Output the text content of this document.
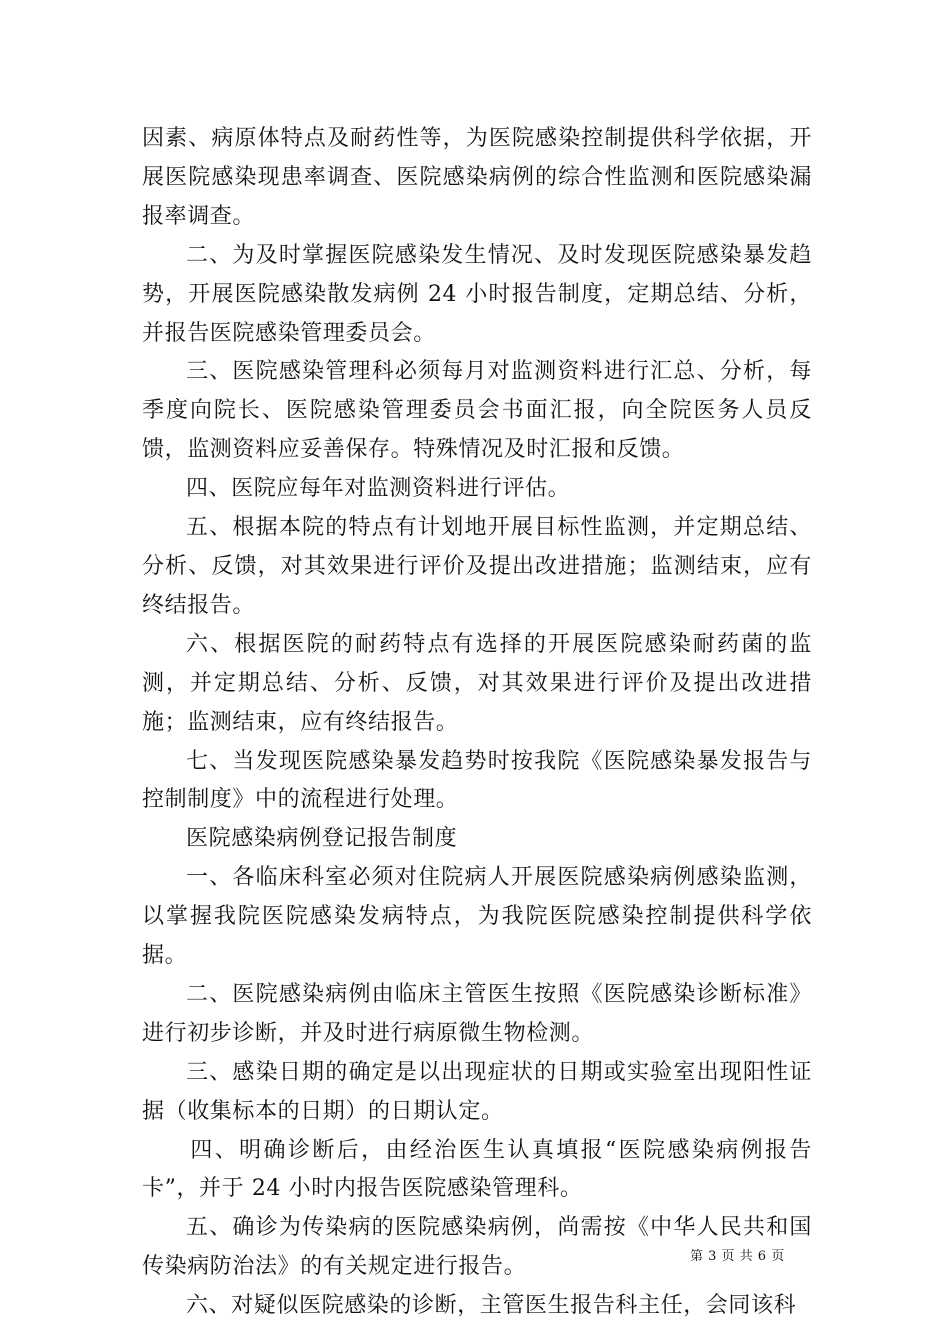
因素、病原体特点及耐药性等，为医院感染控制提供科学依据，开展医院感染现患率调查、医院感染病例的综合性监测和医院感染漏报率调查。

二、为及时掌握医院感染发生情况、及时发现医院感染暴发趋势，开展医院感染散发病例 24 小时报告制度，定期总结、分析，并报告医院感染管理委员会。

三、医院感染管理科必须每月对监测资料进行汇总、分析，每季度向院长、医院感染管理委员会书面汇报，向全院医务人员反馈，监测资料应妥善保存。特殊情况及时汇报和反馈。

四、医院应每年对监测资料进行评估。

五、根据本院的特点有计划地开展目标性监测，并定期总结、分析、反馈，对其效果进行评价及提出改进措施；监测结束，应有终结报告。

六、根据医院的耐药特点有选择的开展医院感染耐药菌的监测，并定期总结、分析、反馈，对其效果进行评价及提出改进措施；监测结束，应有终结报告。

七、当发现医院感染暴发趋势时按我院《医院感染暴发报告与控制制度》中的流程进行处理。

医院感染病例登记报告制度

一、各临床科室必须对住院病人开展医院感染病例感染监测，以掌握我院医院感染发病特点，为我院医院感染控制提供科学依据。

二、医院感染病例由临床主管医生按照《医院感染诊断标准》进行初步诊断，并及时进行病原微生物检测。

三、感染日期的确定是以出现症状的日期或实验室出现阳性证据（收集标本的日期）的日期认定。

四、明确诊断后，由经治医生认真填报“医院感染病例报告卡”，并于 24 小时内报告医院感染管理科。

五、确诊为传染病的医院感染病例，尚需按《中华人民共和国传染病防治法》的有关规定进行报告。

六、对疑似医院感染的诊断，主管医生报告科主任，会同该科

第 3 页 共 6 页
